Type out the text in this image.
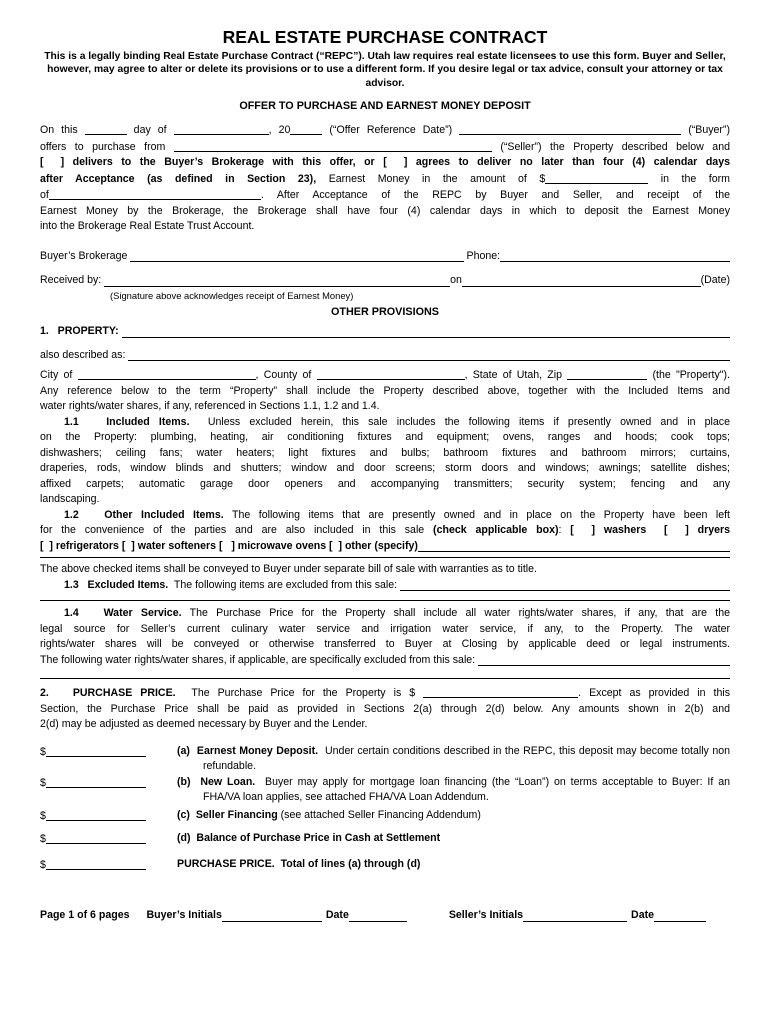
REAL ESTATE PURCHASE CONTRACT
This is a legally binding Real Estate Purchase Contract (“REPC”). Utah law requires real estate licensees to use this form. Buyer and Seller, however, may agree to alter or delete its provisions or to use a different form. If you desire legal or tax advice, consult your attorney or tax advisor.
OFFER TO PURCHASE AND EARNEST MONEY DEPOSIT
On this	day of	, 20	(“Offer Reference Date”)	(“Buyer”)
offers to purchase from	(“Seller”) the Property described below and
[  ] delivers to the Buyer’s Brokerage with this offer, or [  ] agrees to deliver no later than four (4) calendar days
after Acceptance (as defined in Section 23), Earnest Money in the amount of $	in the form
of	. After Acceptance of the REPC by Buyer and Seller, and receipt of the
Earnest Money by the Brokerage, the Brokerage shall have four (4) calendar days in which to deposit the Earnest Money
into the Brokerage Real Estate Trust Account.
Buyer’s Brokerage	Phone:
Received by:	on	(Date)
(Signature above acknowledges receipt of Earnest Money)
OTHER PROVISIONS
1.   PROPERTY:
also described as:
City of	, County of	, State of Utah, Zip	(the "Property").
Any reference below to the term “Property” shall include the Property described above, together with the Included Items and
water rights/water shares, if any, referenced in Sections 1.1, 1.2 and 1.4.
1.1   Included Items.  Unless excluded herein, this sale includes the following items if presently owned and in place
on the Property: plumbing, heating, air conditioning fixtures and equipment; ovens, ranges and hoods; cook tops;
dishwashers; ceiling fans; water heaters; light fixtures and bulbs; bathroom fixtures and bathroom mirrors; curtains,
draperies, rods, window blinds and shutters; window and door screens; storm doors and windows; awnings; satellite dishes;
affixed carpets; automatic garage door openers and accompanying transmitters; security system; fencing and any
landscaping.
1.2   Other Included Items. The following items that are presently owned and in place on the Property have been left
for the convenience of the parties and are also included in this sale (check applicable box): [  ] washers  [  ] dryers
[  ] refrigerators [  ] water softeners [   ] microwave ovens [  ] other (specify)
The above checked items shall be conveyed to Buyer under separate bill of sale with warranties as to title.
1.3   Excluded Items. The following items are excluded from this sale:
1.4   Water Service. The Purchase Price for the Property shall include all water rights/water shares, if any, that are the
legal source for Seller’s current culinary water service and irrigation water service, if any, to the Property. The water
rights/water shares will be conveyed or otherwise transferred to Buyer at Closing by applicable deed or legal instruments.
The following water rights/water shares, if applicable, are specifically excluded from this sale:
2.   PURCHASE PRICE.  The Purchase Price for the Property is $	. Except as provided in this
Section, the Purchase Price shall be paid as provided in Sections 2(a) through 2(d) below. Any amounts shown in 2(b) and
2(d) may be adjusted as deemed necessary by Buyer and the Lender.
$	(a)  Earnest Money Deposit.  Under certain conditions described in the REPC, this deposit may become totally non refundable.
$	(b)  New Loan.  Buyer may apply for mortgage loan financing (the “Loan”) on terms acceptable to Buyer: If an FHA/VA loan applies, see attached FHA/VA Loan Addendum.
$	(c)  Seller Financing (see attached Seller Financing Addendum)
$	(d)  Balance of Purchase Price in Cash at Settlement
$	PURCHASE PRICE.  Total of lines (a) through (d)
Page 1 of 6 pages Buyer’s Initials	Date	Seller’s Initials	Date
